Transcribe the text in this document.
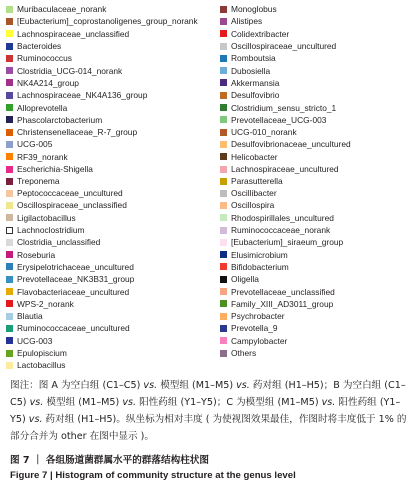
Muribaculaceae_norank
[Eubacterium]_coprostanoligenes_group_norank
Lachnospiraceae_unclassified
Bacteroides
Ruminococcus
Clostridia_UCG-014_norank
NK4A214_group
Lachnospiraceae_NK4A136_group
Alloprevotella
Phascolarctobacterium
Christensenellaceae_R-7_group
UCG-005
RF39_norank
Escherichia-Shigella
Treponema
Monoglobus
Alistipes
Colidextribacter
Oscillospiraceae_uncultured
Romboutsia
Dubosiella
Akkermansia
Desulfovibrio
Clostridium_sensu_stricto_1
Prevotellaceae_UCG-003
UCG-010_norank
Desulfovibrionaceae_uncultured
Helicobacter
Lachnospiraceae_uncultured
Parasutterella
Peptococcaceae_uncultured
Oscillospiraceae_unclassified
Ligilactobacillus
Lachnoclostridium
Clostridia_unclassified
Roseburia
Erysipelotrichaceae_uncultured
Prevotellaceae_NK3B31_group
Flavobacteriaceae_uncultured
WPS-2_norank
Blautia
Ruminococcaceae_uncultured
UCG-003
Epulopiscium
Lactobacillus
Oscillibacter
Oscillospira
Rhodospirillales_uncultured
Ruminococcaceae_norank
[Eubacterium]_siraeum_group
Elusimicrobium
Bifidobacterium
Oligella
Prevotellaceae_unclassified
Family_XIII_AD3011_group
Psychrobacter
Prevotella_9
Campylobacter
Others
图注：图 A 为空白组 (C1–C5) vs. 模型组 (M1–M5) vs. 药对组 (H1–H5)；B 为空白组 (C1–C5) vs. 模型组 (M1–M5) vs. 阳性药组 (Y1–Y5)；C 为模型组 (M1–M5) vs. 阳性药组 (Y1–Y5) vs. 药对组 (H1–H5)。纵坐标为相对丰度 ( 为使视图效果最佳，作图时将丰度低于 1% 的部分合并为 other 在图中显示 )。
图 7 ｜ 各组肠道菌群属水平的群落结构柱状图
Figure 7 | Histogram of community structure at the genus level
